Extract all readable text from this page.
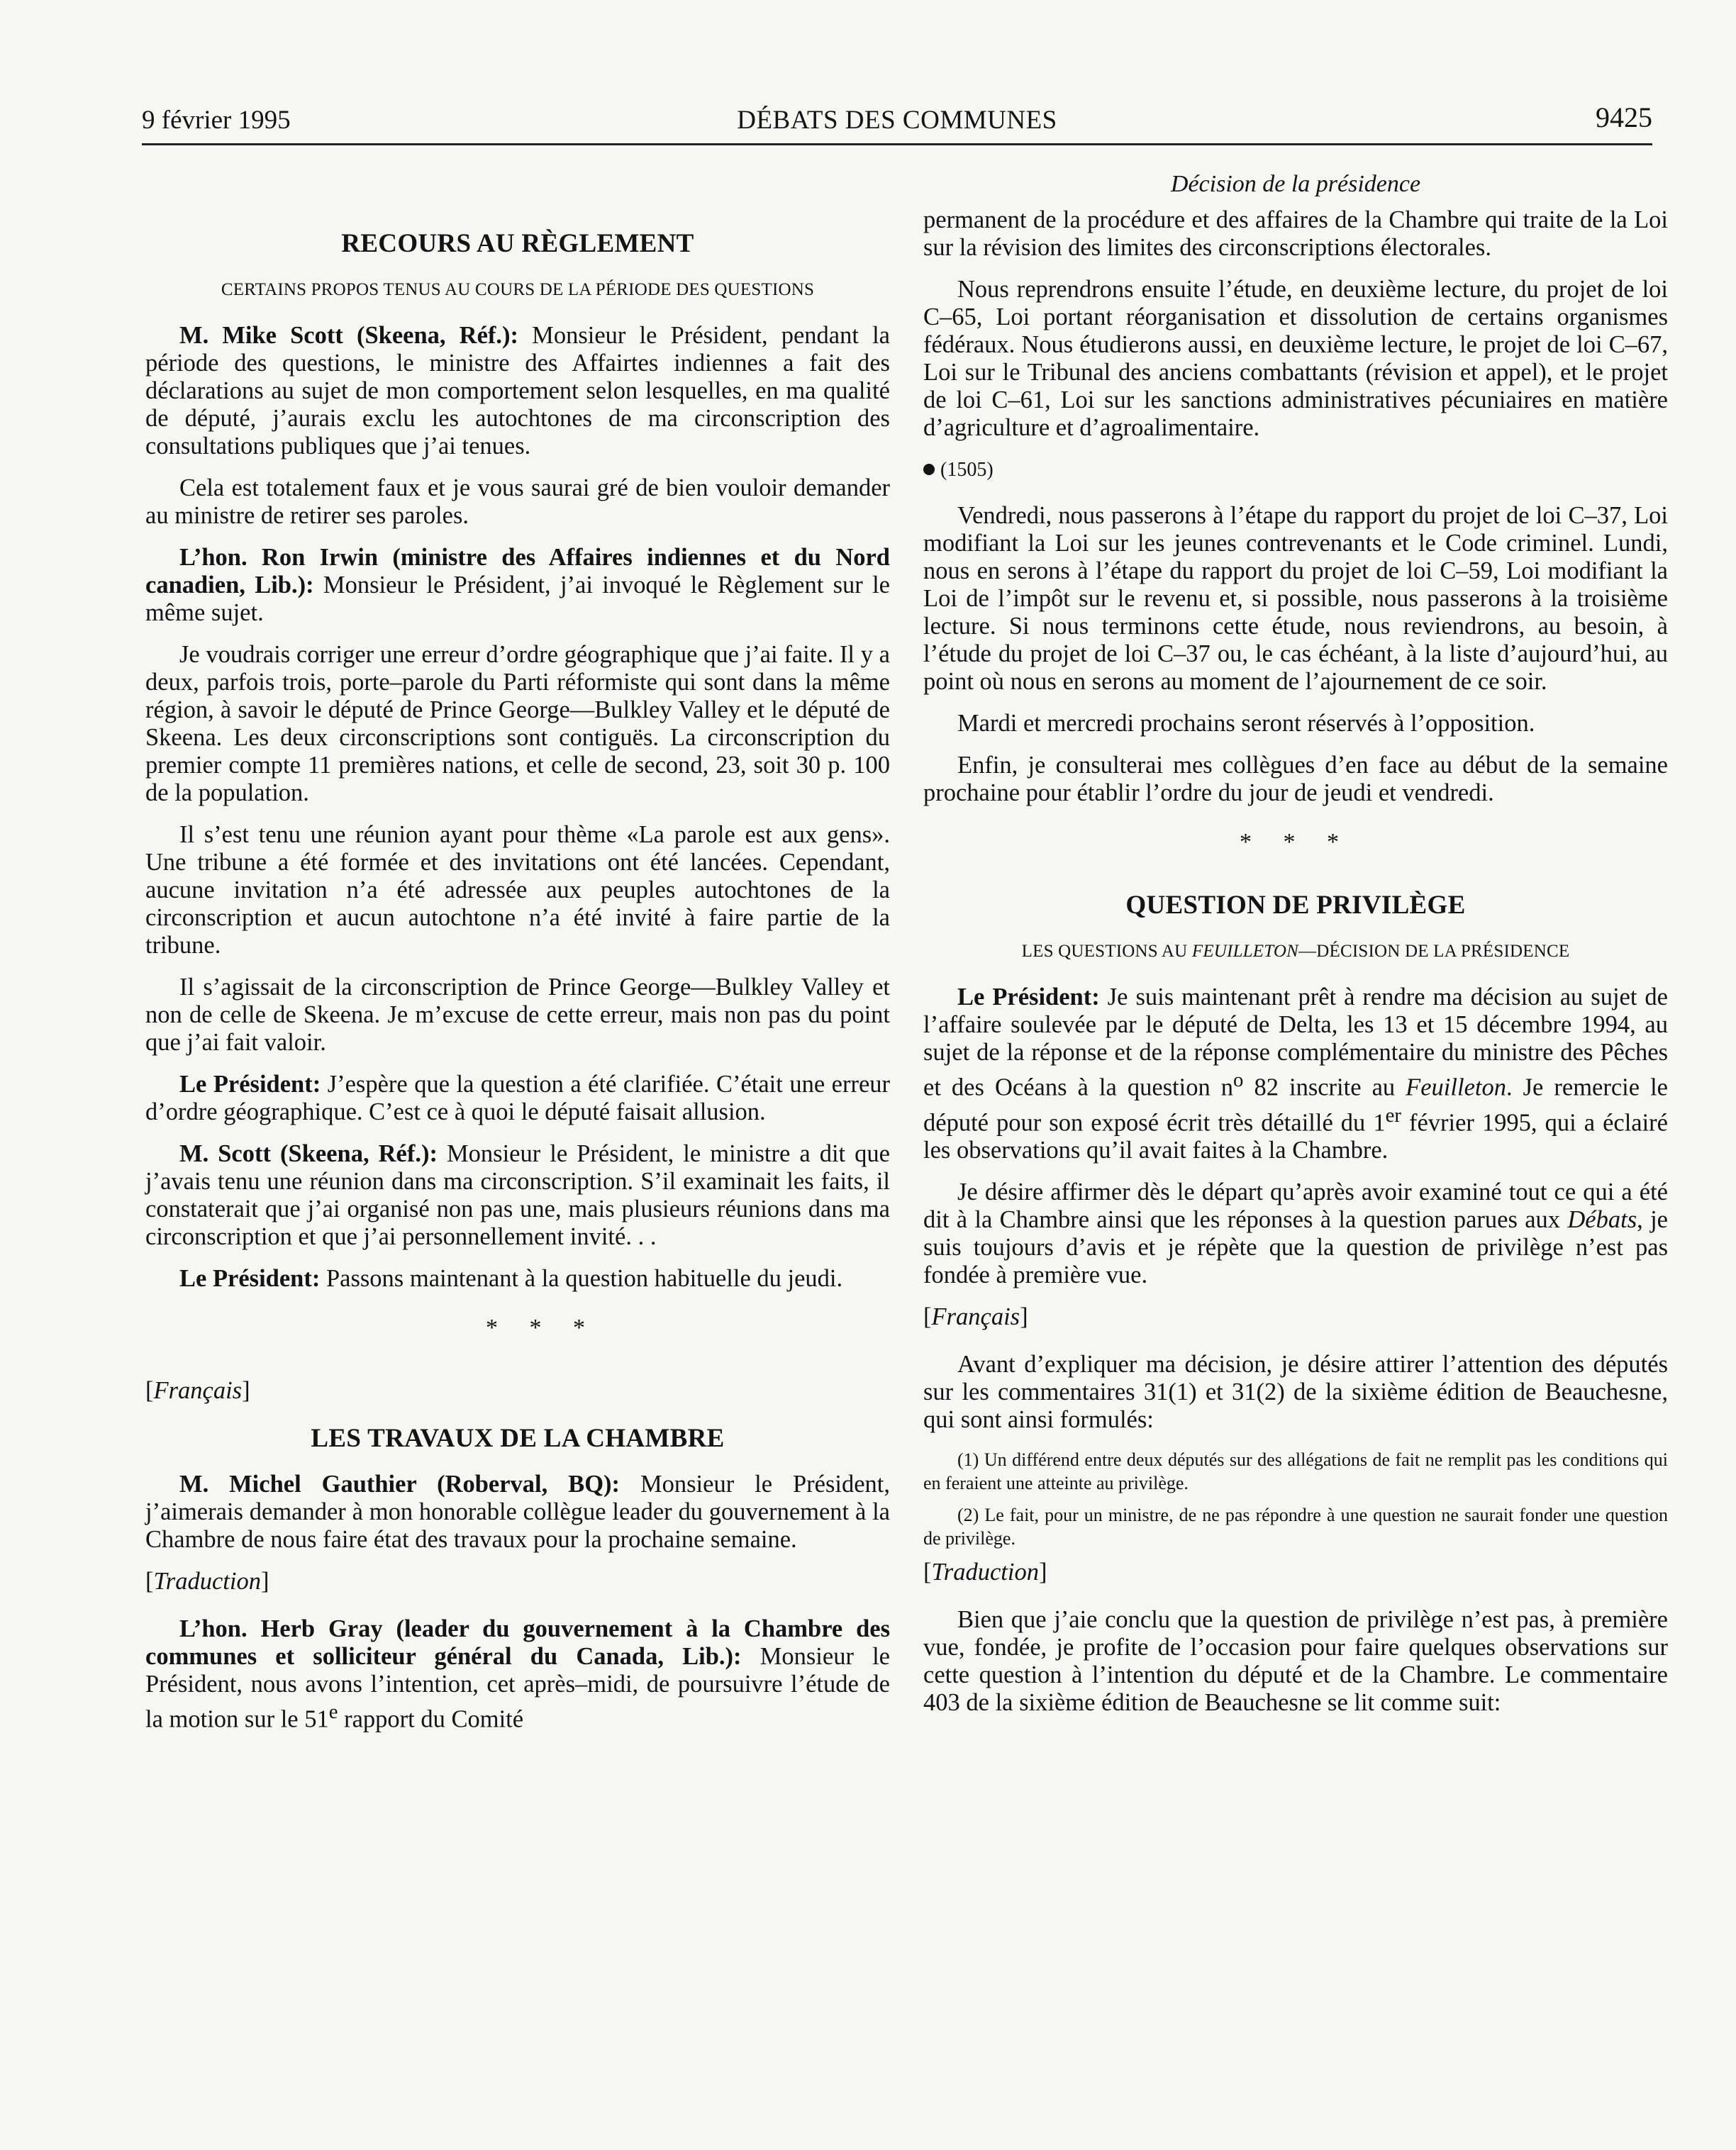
9 février 1995	DÉBATS DES COMMUNES	9425
RECOURS AU RÈGLEMENT
CERTAINS PROPOS TENUS AU COURS DE LA PÉRIODE DES QUESTIONS

M. Mike Scott (Skeena, Réf.): Monsieur le Président, pendant la période des questions, le ministre des Affairtes indiennes a fait des déclarations au sujet de mon comportement selon lesquelles, en ma qualité de député, j’aurais exclu les autochtones de ma circonscription des consultations publiques que j’ai tenues.

Cela est totalement faux et je vous saurai gré de bien vouloir demander au ministre de retirer ses paroles.

L’hon. Ron Irwin (ministre des Affaires indiennes et du Nord canadien, Lib.): Monsieur le Président, j’ai invoqué le Règlement sur le même sujet.

Je voudrais corriger une erreur d’ordre géographique que j’ai faite. Il y a deux, parfois trois, porte–parole du Parti réformiste qui sont dans la même région, à savoir le député de Prince George—Bulkley Valley et le député de Skeena. Les deux circonscriptions sont contiguës. La circonscription du premier compte 11 premières nations, et celle de second, 23, soit 30 p. 100 de la population.

Il s’est tenu une réunion ayant pour thème «La parole est aux gens». Une tribune a été formée et des invitations ont été lancées. Cependant, aucune invitation n’a été adressée aux peuples autochtones de la circonscription et aucun autochtone n’a été invité à faire partie de la tribune.

Il s’agissait de la circonscription de Prince George—Bulkley Valley et non de celle de Skeena. Je m’excuse de cette erreur, mais non pas du point que j’ai fait valoir.

Le Président: J’espère que la question a été clarifiée. C’était une erreur d’ordre géographique. C’est ce à quoi le député faisait allusion.

M. Scott (Skeena, Réf.): Monsieur le Président, le ministre a dit que j’avais tenu une réunion dans ma circonscription. S’il examinait les faits, il constaterait que j’ai organisé non pas une, mais plusieurs réunions dans ma circonscription et que j’ai personnellement invité. . .

Le Président: Passons maintenant à la question habituelle du jeudi.

* * *
[Français]
LES TRAVAUX DE LA CHAMBRE

M. Michel Gauthier (Roberval, BQ): Monsieur le Président, j’aimerais demander à mon honorable collègue leader du gouvernement à la Chambre de nous faire état des travaux pour la prochaine semaine.

[Traduction]

L’hon. Herb Gray (leader du gouvernement à la Chambre des communes et solliciteur général du Canada, Lib.): Monsieur le Président, nous avons l’intention, cet après–midi, de poursuivre l’étude de la motion sur le 51e rapport du Comité

Décision de la présidence

permanent de la procédure et des affaires de la Chambre qui traite de la Loi sur la révision des limites des circonscriptions électorales.

Nous reprendrons ensuite l’étude, en deuxième lecture, du projet de loi C–65, Loi portant réorganisation et dissolution de certains organismes fédéraux. Nous étudierons aussi, en deuxième lecture, le projet de loi C–67, Loi sur le Tribunal des anciens combattants (révision et appel), et le projet de loi C–61, Loi sur les sanctions administratives pécuniaires en matière d’agriculture et d’agroalimentaire.

(1505)

Vendredi, nous passerons à l’étape du rapport du projet de loi C–37, Loi modifiant la Loi sur les jeunes contrevenants et le Code criminel. Lundi, nous en serons à l’étape du rapport du projet de loi C–59, Loi modifiant la Loi de l’impôt sur le revenu et, si possible, nous passerons à la troisième lecture. Si nous terminons cette étude, nous reviendrons, au besoin, à l’étude du projet de loi C–37 ou, le cas échéant, à la liste d’aujourd’hui, au point où nous en serons au moment de l’ajournement de ce soir.

Mardi et mercredi prochains seront réservés à l’opposition.

Enfin, je consulterai mes collègues d’en face au début de la semaine prochaine pour établir l’ordre du jour de jeudi et vendredi.

* * *
QUESTION DE PRIVILÈGE
LES QUESTIONS AU FEUILLETON—DÉCISION DE LA PRÉSIDENCE

Le Président: Je suis maintenant prêt à rendre ma décision au sujet de l’affaire soulevée par le député de Delta, les 13 et 15 décembre 1994, au sujet de la réponse et de la réponse complémentaire du ministre des Pêches et des Océans à la question $n^o$ 82 inscrite au Feuilleton. Je remercie le député pour son exposé écrit très détaillé du 1er février 1995, qui a éclairé les observations qu’il avait faites à la Chambre.

Je désire affirmer dès le départ qu’après avoir examiné tout ce qui a été dit à la Chambre ainsi que les réponses à la question parues aux Débats, je suis toujours d’avis et je répète que la question de privilège n’est pas fondée à première vue.

[Français]

Avant d’expliquer ma décision, je désire attirer l’attention des députés sur les commentaires 31(1) et 31(2) de la sixième édition de Beauchesne, qui sont ainsi formulés:

(1) Un différend entre deux députés sur des allégations de fait ne remplit pas les conditions qui en feraient une atteinte au privilège.

(2) Le fait, pour un ministre, de ne pas répondre à une question ne saurait fonder une question de privilège.

[Traduction]

Bien que j’aie conclu que la question de privilège n’est pas, à première vue, fondée, je profite de l’occasion pour faire quelques observations sur cette question à l’intention du député et de la Chambre. Le commentaire 403 de la sixième édition de Beauchesne se lit comme suit:
